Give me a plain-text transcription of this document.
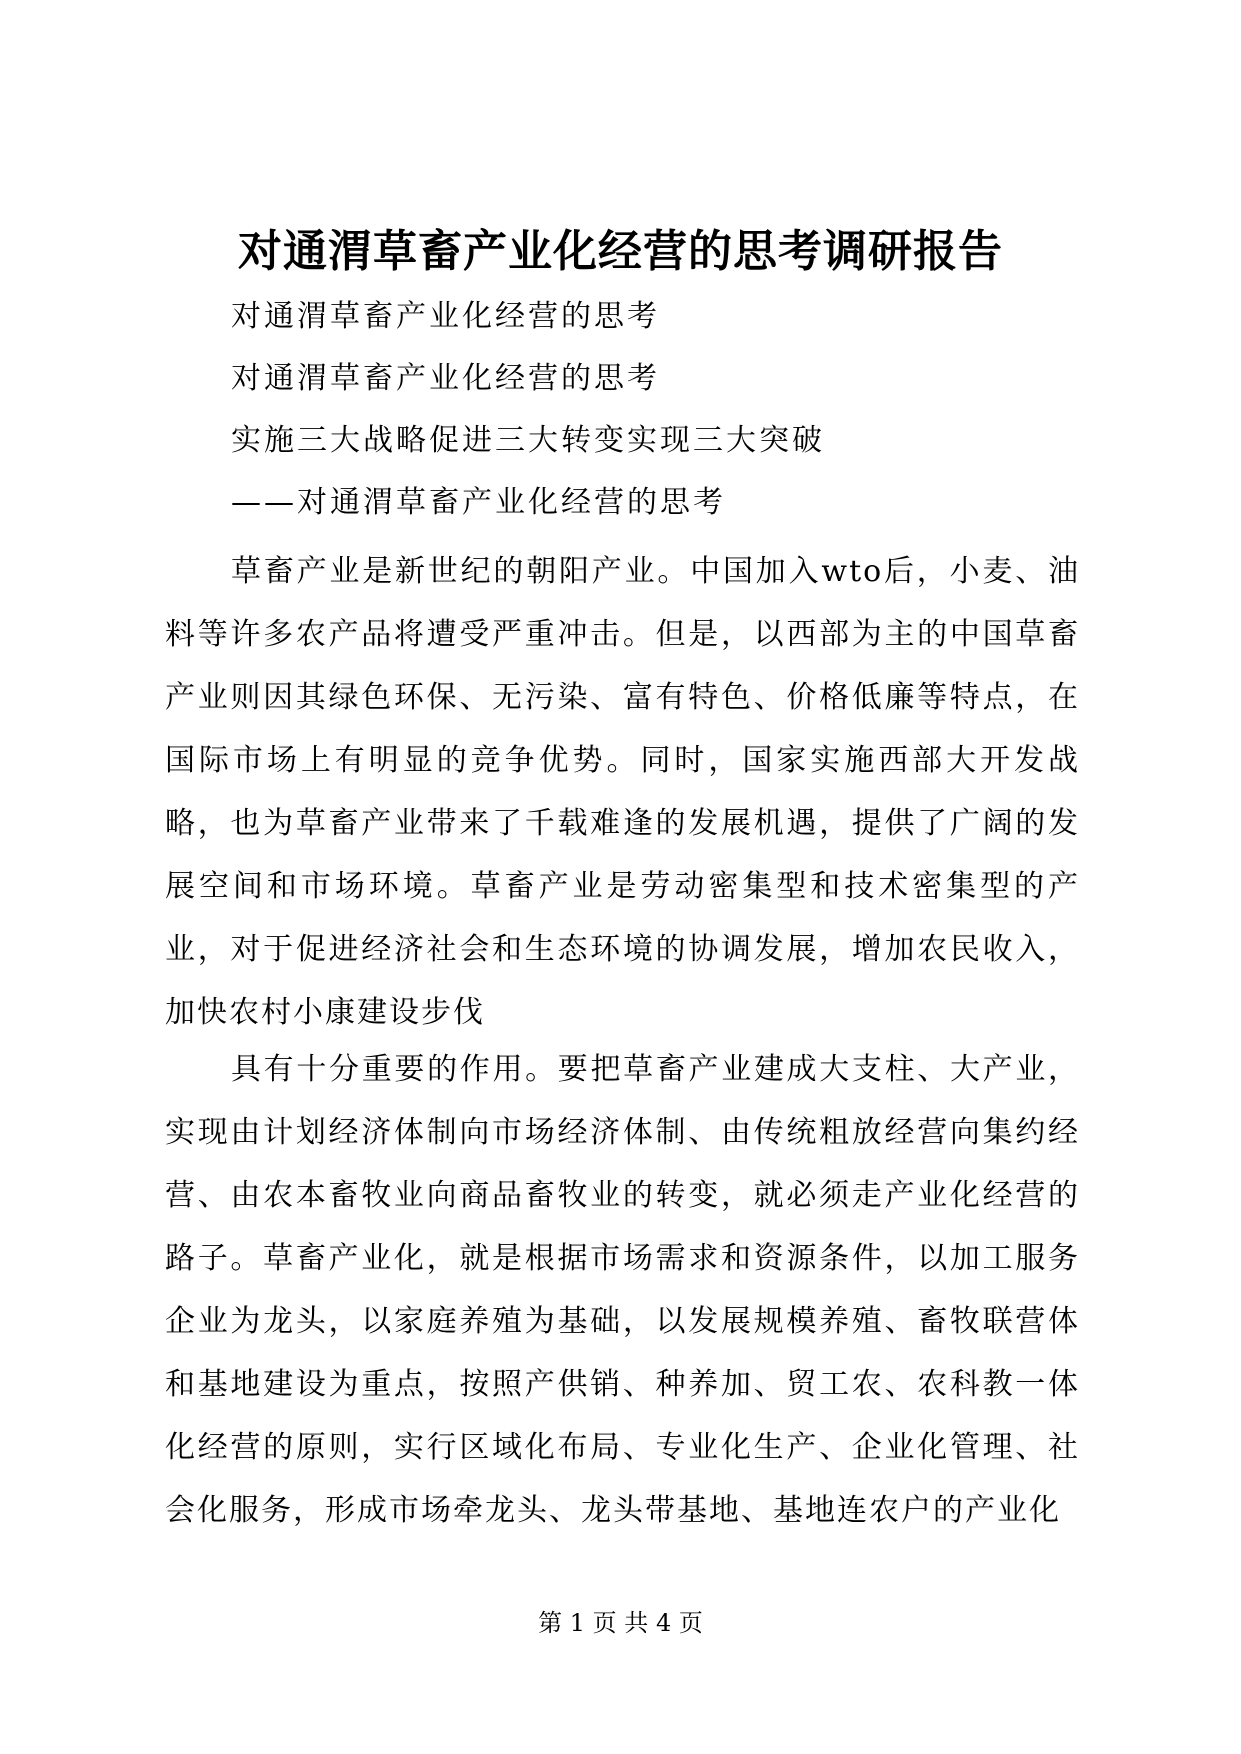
对通渭草畜产业化经营的思考调研报告
对通渭草畜产业化经营的思考
对通渭草畜产业化经营的思考
实施三大战略促进三大转变实现三大突破
——对通渭草畜产业化经营的思考

草畜产业是新世纪的朝阳产业。中国加入wto后，小麦、油料等许多农产品将遭受严重冲击。但是，以西部为主的中国草畜产业则因其绿色环保、无污染、富有特色、价格低廉等特点，在国际市场上有明显的竞争优势。同时，国家实施西部大开发战略，也为草畜产业带来了千载难逢的发展机遇，提供了广阔的发展空间和市场环境。草畜产业是劳动密集型和技术密集型的产业，对于促进经济社会和生态环境的协调发展，增加农民收入，加快农村小康建设步伐

具有十分重要的作用。要把草畜产业建成大支柱、大产业，实现由计划经济体制向市场经济体制、由传统粗放经营向集约经营、由农本畜牧业向商品畜牧业的转变，就必须走产业化经营的路子。草畜产业化，就是根据市场需求和资源条件，以加工服务企业为龙头，以家庭养殖为基础，以发展规模养殖、畜牧联营体和基地建设为重点，按照产供销、种养加、贸工农、农科教一体化经营的原则，实行区域化布局、专业化生产、企业化管理、社会化服务，形成市场牵龙头、龙头带基地、基地连农户的产业化

第 1 页 共 4 页
